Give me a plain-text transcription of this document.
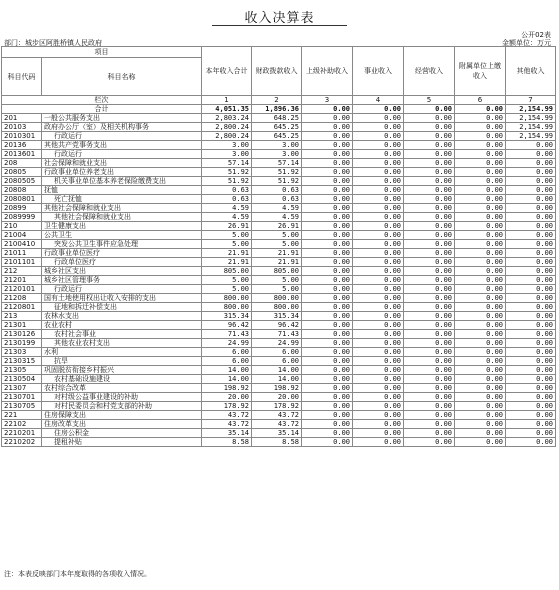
收入决算表
公开02表
部门：城步区阿胜桥镇人民政府	金额单位：万元
项目		本年收入合计	财政拨款收入	上级补助收入	事业收入	经营收入	附属单位上缴收入	其他收入
科目代码	科目名称							
栏次		1	2	3	4	5	6	7
合计		4,051.35	1,896.36	0.00	0.00	0.00	0.00	2,154.99
201	一般公共服务支出	2,803.24	648.25	0.00	0.00	0.00	0.00	2,154.99
20103	政府办公厅（室）及相关机构事务	2,800.24	645.25	0.00	0.00	0.00	0.00	2,154.99
2010301	行政运行	2,800.24	645.25	0.00	0.00	0.00	0.00	2,154.99
20136	其他共产党事务支出	3.00	3.00	0.00	0.00	0.00	0.00	0.00
2013601	行政运行	3.00	3.00	0.00	0.00	0.00	0.00	0.00
208	社会保障和就业支出	57.14	57.14	0.00	0.00	0.00	0.00	0.00
20805	行政事业单位养老支出	51.92	51.92	0.00	0.00	0.00	0.00	0.00
2080505	机关事业单位基本养老保险缴费支出	51.92	51.92	0.00	0.00	0.00	0.00	0.00
20808	抚恤	0.63	0.63	0.00	0.00	0.00	0.00	0.00
2080801	死亡抚恤	0.63	0.63	0.00	0.00	0.00	0.00	0.00
20899	其他社会保障和就业支出	4.59	4.59	0.00	0.00	0.00	0.00	0.00
2089999	其他社会保障和就业支出	4.59	4.59	0.00	0.00	0.00	0.00	0.00
210	卫生健康支出	26.91	26.91	0.00	0.00	0.00	0.00	0.00
21004	公共卫生	5.00	5.00	0.00	0.00	0.00	0.00	0.00
2100410	突发公共卫生事件应急处理	5.00	5.00	0.00	0.00	0.00	0.00	0.00
21011	行政事业单位医疗	21.91	21.91	0.00	0.00	0.00	0.00	0.00
2101101	行政单位医疗	21.91	21.91	0.00	0.00	0.00	0.00	0.00
212	城乡社区支出	805.00	805.00	0.00	0.00	0.00	0.00	0.00
21201	城乡社区管理事务	5.00	5.00	0.00	0.00	0.00	0.00	0.00
2120101	行政运行	5.00	5.00	0.00	0.00	0.00	0.00	0.00
21208	国有土地使用权出让收入安排的支出	800.00	800.00	0.00	0.00	0.00	0.00	0.00
2120801	征地和拆迁补偿支出	800.00	800.00	0.00	0.00	0.00	0.00	0.00
213	农林水支出	315.34	315.34	0.00	0.00	0.00	0.00	0.00
21301	农业农村	96.42	96.42	0.00	0.00	0.00	0.00	0.00
2130126	农村社会事业	71.43	71.43	0.00	0.00	0.00	0.00	0.00
2130199	其他农业农村支出	24.99	24.99	0.00	0.00	0.00	0.00	0.00
21303	水利	6.00	6.00	0.00	0.00	0.00	0.00	0.00
2130315	抗旱	6.00	6.00	0.00	0.00	0.00	0.00	0.00
21305	巩固脱贫衔接乡村振兴	14.00	14.00	0.00	0.00	0.00	0.00	0.00
2130504	农村基础设施建设	14.00	14.00	0.00	0.00	0.00	0.00	0.00
21307	农村综合改革	198.92	198.92	0.00	0.00	0.00	0.00	0.00
2130701	对村级公益事业建设的补助	20.00	20.00	0.00	0.00	0.00	0.00	0.00
2130705	对村民委员会和村党支部的补助	178.92	178.92	0.00	0.00	0.00	0.00	0.00
221	住房保障支出	43.72	43.72	0.00	0.00	0.00	0.00	0.00
22102	住房改革支出	43.72	43.72	0.00	0.00	0.00	0.00	0.00
2210201	住房公积金	35.14	35.14	0.00	0.00	0.00	0.00	0.00
2210202	提租补贴	8.58	8.58	0.00	0.00	0.00	0.00	0.00
注：本表反映部门本年度取得的各项收入情况。
